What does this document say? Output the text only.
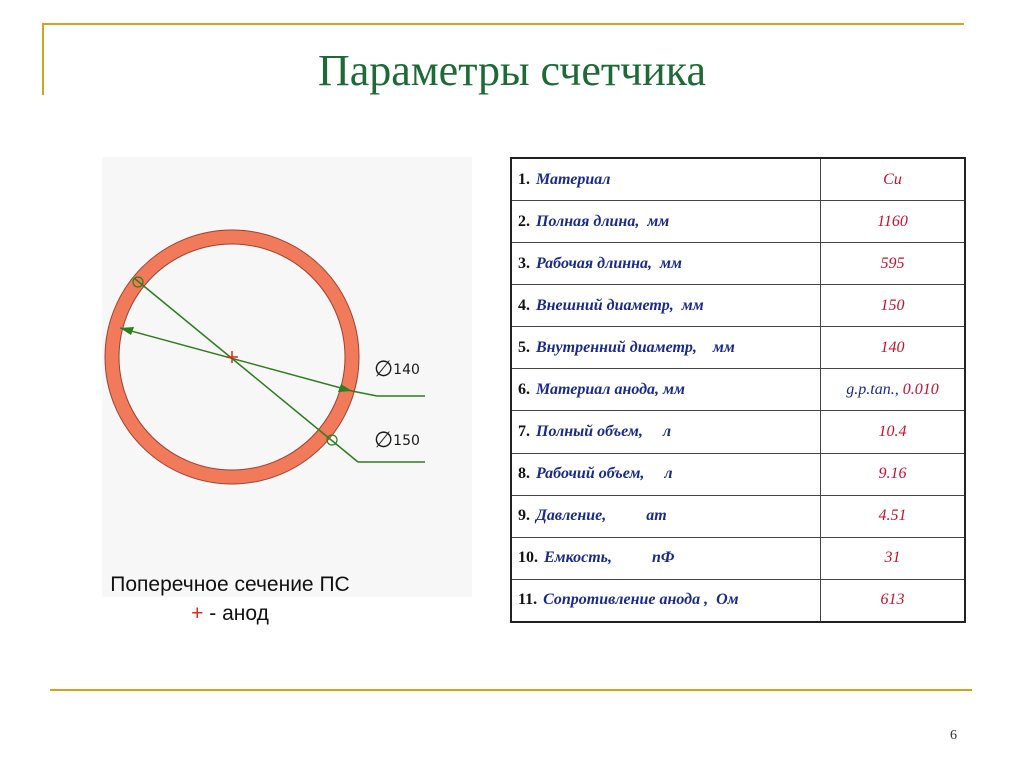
Параметры счетчика
∅140
∅150
Поперечное сечение ПС
+ - анод
1. Материал	Cu
2. Полная длина,  мм	1160
3. Рабочая длинна,  мм	595
4. Внешний диаметр,  мм	150
5. Внутренний диаметр,    мм	140
6. Материал анода, мм	g.p.tan., 0.010
7. Полный объем,     л	10.4
8. Рабочий объем,     л	9.16
9. Давление,          ат	4.51
10. Емкость,          пФ	31
11. Сопротивление анода ,  Ом	613
6
